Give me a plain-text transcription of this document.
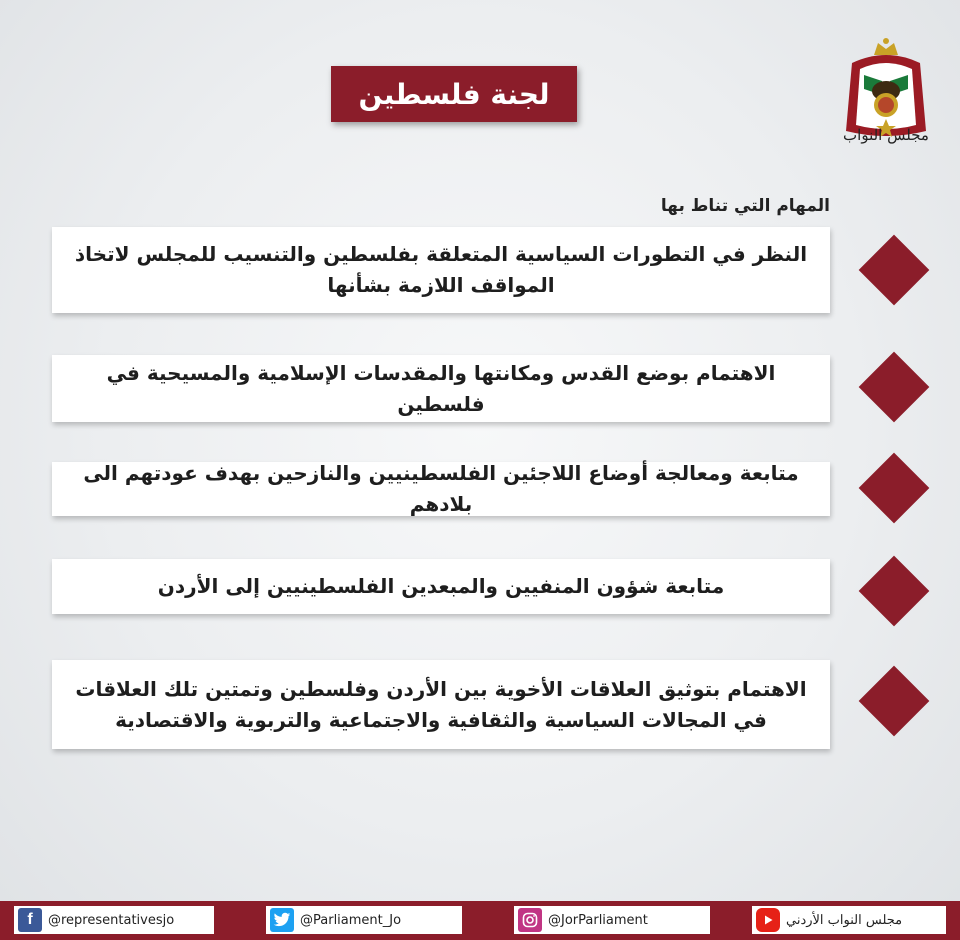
لجنة فلسطين
مجلس النواب
المهام التي تناط بها
النظر في التطورات السياسية المتعلقة بفلسطين والتنسيب للمجلس لاتخاذ المواقف اللازمة بشأنها
الاهتمام بوضع القدس ومكانتها والمقدسات الإسلامية والمسيحية في فلسطين
متابعة ومعالجة أوضاع اللاجئين الفلسطينيين والنازحين بهدف عودتهم الى بلادهم
متابعة شؤون المنفيين والمبعدين الفلسطينيين إلى الأردن
الاهتمام بتوثيق العلاقات الأخوية بين الأردن وفلسطين وتمتين تلك العلاقات في المجالات السياسية والثقافية والاجتماعية والتربوية والاقتصادية
f	@representativesjo	@Parliament_Jo	@JorParliament	مجلس النواب الأردني
